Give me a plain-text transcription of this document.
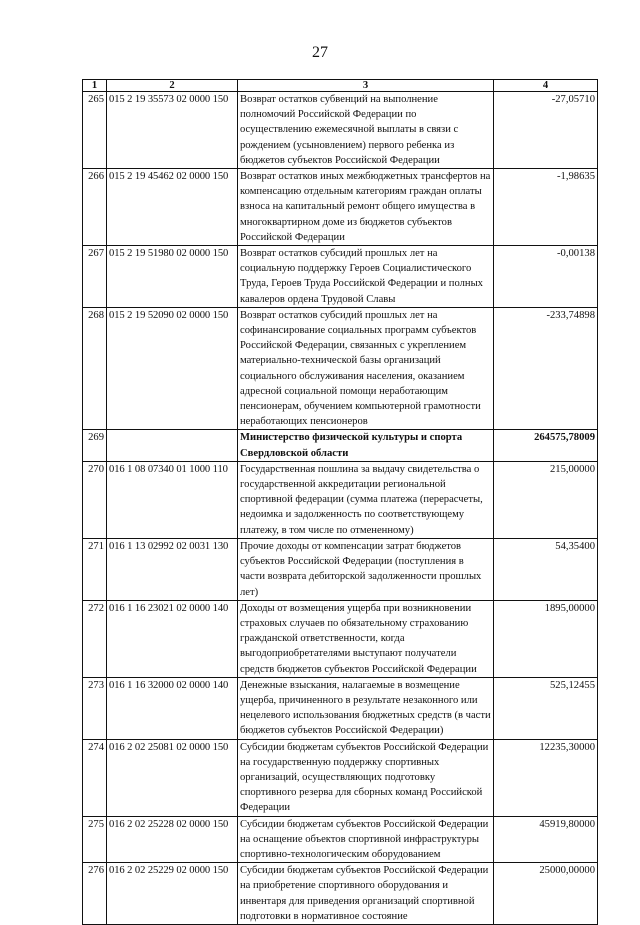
27
1	2	3	4
265	015 2 19 35573 02 0000 150	Возврат остатков субвенций на выполнение полномочий Российской Федерации по осуществлению ежемесячной выплаты в связи с рождением (усыновлением) первого ребенка из бюджетов субъектов Российской Федерации	-27,05710
266	015 2 19 45462 02 0000 150	Возврат остатков иных межбюджетных трансфертов на компенсацию отдельным категориям граждан оплаты взноса на капитальный ремонт общего имущества в многоквартирном доме из бюджетов субъектов Российской Федерации	-1,98635
267	015 2 19 51980 02 0000 150	Возврат остатков субсидий прошлых лет на социальную поддержку Героев Социалистического Труда, Героев Труда Российской Федерации и полных кавалеров ордена Трудовой Славы	-0,00138
268	015 2 19 52090 02 0000 150	Возврат остатков субсидий прошлых лет на софинансирование социальных программ субъектов Российской Федерации, связанных с укреплением материально-технической базы организаций социального обслуживания населения, оказанием адресной социальной помощи неработающим пенсионерам, обучением компьютерной грамотности неработающих пенсионеров	-233,74898
269		Министерство физической культуры и спорта Свердловской области	264575,78009
270	016 1 08 07340 01 1000 110	Государственная пошлина за выдачу свидетельства о государственной аккредитации региональной спортивной федерации (сумма платежа (перерасчеты, недоимка и задолженность по соответствующему платежу, в том числе по отмененному)	215,00000
271	016 1 13 02992 02 0031 130	Прочие доходы от компенсации затрат бюджетов субъектов Российской Федерации (поступления в части возврата дебиторской задолженности прошлых лет)	54,35400
272	016 1 16 23021 02 0000 140	Доходы от возмещения ущерба при возникновении страховых случаев по обязательному страхованию гражданской ответственности, когда выгодоприобретателями выступают получатели средств бюджетов субъектов Российской Федерации	1895,00000
273	016 1 16 32000 02 0000 140	Денежные взыскания, налагаемые в возмещение ущерба, причиненного в результате незаконного или нецелевого использования бюджетных средств (в части бюджетов субъектов Российской Федерации)	525,12455
274	016 2 02 25081 02 0000 150	Субсидии бюджетам субъектов Российской Федерации на государственную поддержку спортивных организаций, осуществляющих подготовку спортивного резерва для сборных команд Российской Федерации	12235,30000
275	016 2 02 25228 02 0000 150	Субсидии бюджетам субъектов Российской Федерации на оснащение объектов спортивной инфраструктуры спортивно-технологическим оборудованием	45919,80000
276	016 2 02 25229 02 0000 150	Субсидии бюджетам субъектов Российской Федерации на приобретение спортивного оборудования и инвентаря для приведения организаций спортивной подготовки в нормативное состояние	25000,00000
